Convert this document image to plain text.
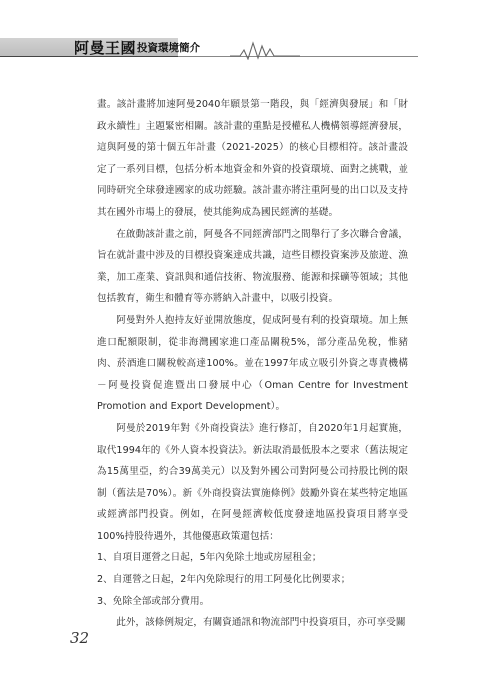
阿曼王國 投資環境簡介

畫。該計畫將加速阿曼2040年願景第一階段，與「經濟與發展」和「財政永續性」主題緊密相關。該計畫的重點是授權私人機構領導經濟發展，這與阿曼的第十個五年計畫（2021-2025）的核心目標相符。該計畫設定了一系列目標，包括分析本地資金和外資的投資環境、面對之挑戰，並同時研究全球發達國家的成功經驗。該計畫亦將注重阿曼的出口以及支持其在國外市場上的發展，使其能夠成為國民經濟的基礎。

在啟動該計畫之前，阿曼各不同經濟部門之間舉行了多次聯合會議，旨在就計畫中涉及的目標投資案達成共識，這些目標投資案涉及旅遊、漁業，加工產業、資訊與和通信技術、物流服務、能源和採礦等領域；其他包括教育，衛生和體育等亦將納入計畫中，以吸引投資。

阿曼對外人抱持友好並開放態度，促成阿曼有利的投資環境。加上無進口配額限制，從非海灣國家進口產品關稅5%，部分產品免稅，惟豬肉、菸酒進口關稅較高達100%。並在1997年成立吸引外資之專責機構－阿曼投資促進暨出口發展中心（Oman Centre for Investment Promotion and Export Development）。

阿曼於2019年對《外商投資法》進行修訂，自2020年1月起實施，取代1994年的《外人資本投資法》。新法取消最低股本之要求（舊法規定為15萬里亞，約合39萬美元）以及對外國公司對阿曼公司持股比例的限制（舊法是70%）。新《外商投資法實施條例》鼓勵外資在某些特定地區或經濟部門投資。例如，在阿曼經濟較低度發達地區投資項目將享受100%持股待遇外，其他優惠政策還包括：

1、自項目運營之日起，5年內免除土地或房屋租金；

2、自運營之日起，2年內免除現行的用工阿曼化比例要求；

3、免除全部或部分費用。

此外，該條例規定，有關資通訊和物流部門中投資項目，亦可享受關

32
